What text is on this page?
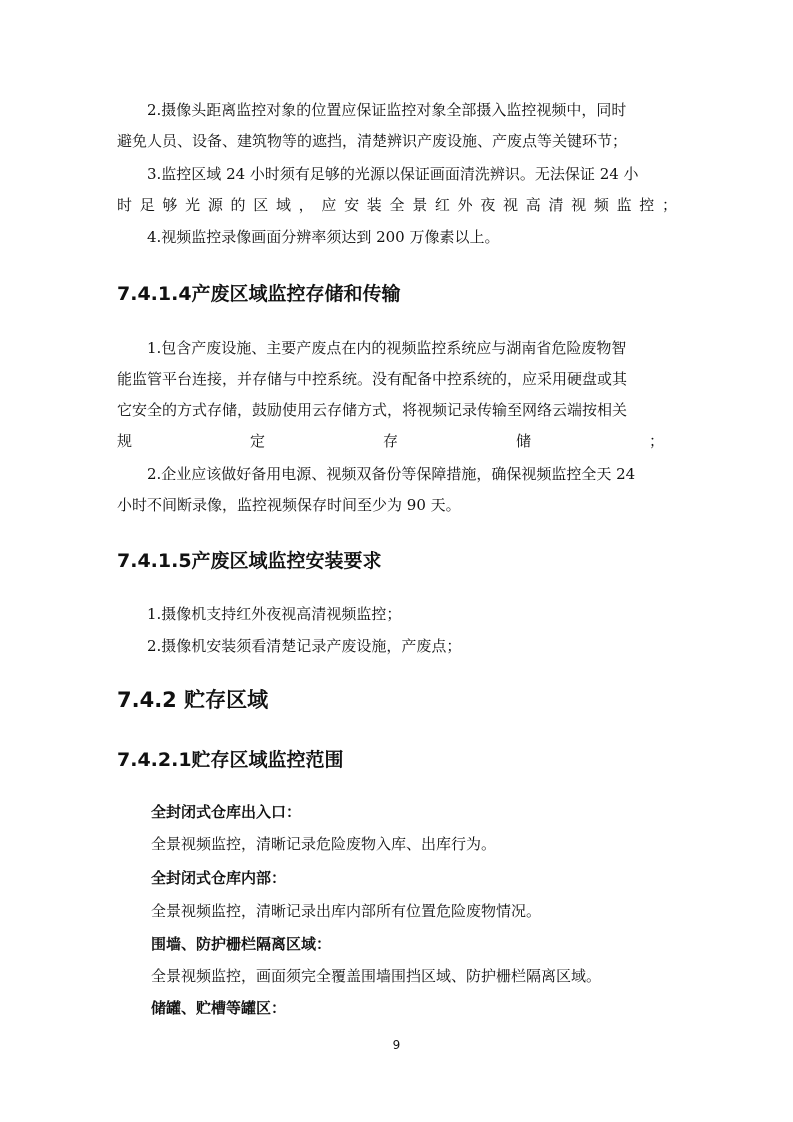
2.摄像头距离监控对象的位置应保证监控对象全部摄入监控视频中，同时
避免人员、设备、建筑物等的遮挡，清楚辨识产废设施、产废点等关键环节；
3.监控区域 24 小时须有足够的光源以保证画面清洗辨识。无法保证 24 小
时足够光源的区域，应安装全景红外夜视高清视频监控；
4.视频监控录像画面分辨率须达到 200 万像素以上。
7.4.1.4产废区域监控存储和传输
1.包含产废设施、主要产废点在内的视频监控系统应与湖南省危险废物智
能监管平台连接，并存储与中控系统。没有配备中控系统的，应采用硬盘或其
它安全的方式存储，鼓励使用云存储方式，将视频记录传输至网络云端按相关
规定存储；
2.企业应该做好备用电源、视频双备份等保障措施，确保视频监控全天 24
小时不间断录像，监控视频保存时间至少为 90 天。
7.4.1.5产废区域监控安装要求
1.摄像机支持红外夜视高清视频监控；
2.摄像机安装须看清楚记录产废设施，产废点；
7.4.2 贮存区域
7.4.2.1贮存区域监控范围

全封闭式仓库出入口：

全景视频监控，清晰记录危险废物入库、出库行为。

全封闭式仓库内部：

全景视频监控，清晰记录出库内部所有位置危险废物情况。

围墙、防护栅栏隔离区域：

全景视频监控，画面须完全覆盖围墙围挡区域、防护栅栏隔离区域。

储罐、贮槽等罐区：

9
